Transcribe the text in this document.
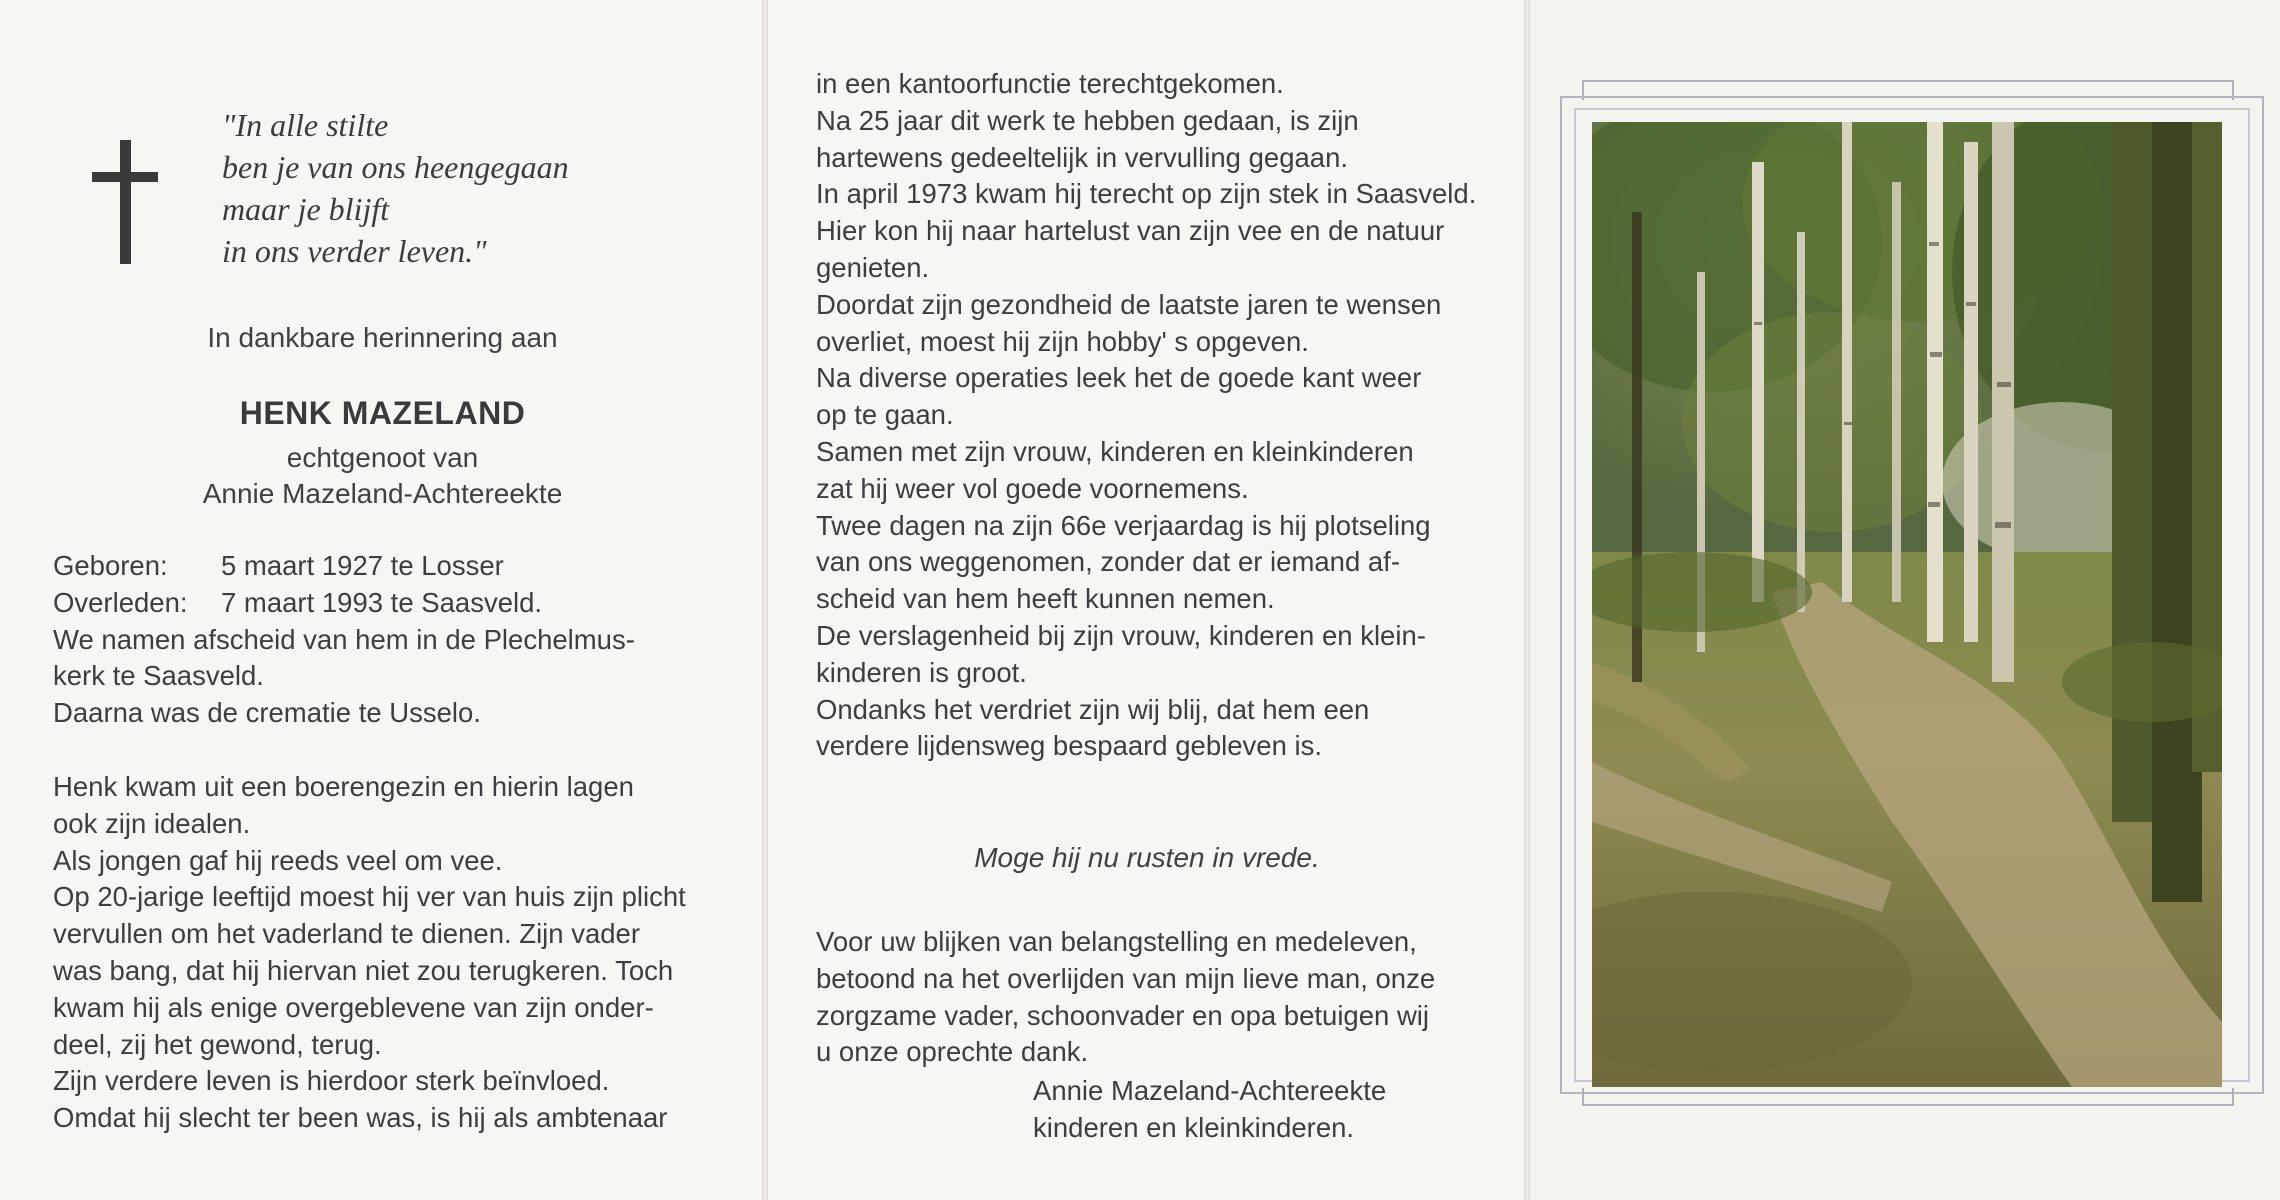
"In alle stilte
ben je van ons heengegaan
maar je blijft
in ons verder leven."
In dankbare herinnering aan
HENK MAZELAND
echtgenoot van
Annie Mazeland-Achtereekte
Geboren: 5 maart 1927 te Losser
Overleden: 7 maart 1993 te Saasveld.
We namen afscheid van hem in de Plechelmus-
kerk te Saasveld.
Daarna was de crematie te Usselo.
Henk kwam uit een boerengezin en hierin lagen
ook zijn idealen.
Als jongen gaf hij reeds veel om vee.
Op 20-jarige leeftijd moest hij ver van huis zijn plicht
vervullen om het vaderland te dienen. Zijn vader
was bang, dat hij hiervan niet zou terugkeren. Toch
kwam hij als enige overgeblevene van zijn onder-
deel, zij het gewond, terug.
Zijn verdere leven is hierdoor sterk beïnvloed.
Omdat hij slecht ter been was, is hij als ambtenaar
in een kantoorfunctie terechtgekomen.
Na 25 jaar dit werk te hebben gedaan, is zijn
hartewens gedeeltelijk in vervulling gegaan.
In april 1973 kwam hij terecht op zijn stek in Saasveld.
Hier kon hij naar hartelust van zijn vee en de natuur
genieten.
Doordat zijn gezondheid de laatste jaren te wensen
overliet, moest hij zijn hobby' s opgeven.
Na diverse operaties leek het de goede kant weer
op te gaan.
Samen met zijn vrouw, kinderen en kleinkinderen
zat hij weer vol goede voornemens.
Twee dagen na zijn 66e verjaardag is hij plotseling
van ons weggenomen, zonder dat er iemand af-
scheid van hem heeft kunnen nemen.
De verslagenheid bij zijn vrouw, kinderen en klein-
kinderen is groot.
Ondanks het verdriet zijn wij blij, dat hem een
verdere lijdensweg bespaard gebleven is.
Moge hij nu rusten in vrede.
Voor uw blijken van belangstelling en medeleven,
betoond na het overlijden van mijn lieve man, onze
zorgzame vader, schoonvader en opa betuigen wij
u onze oprechte dank.
Annie Mazeland-Achtereekte
kinderen en kleinkinderen.
